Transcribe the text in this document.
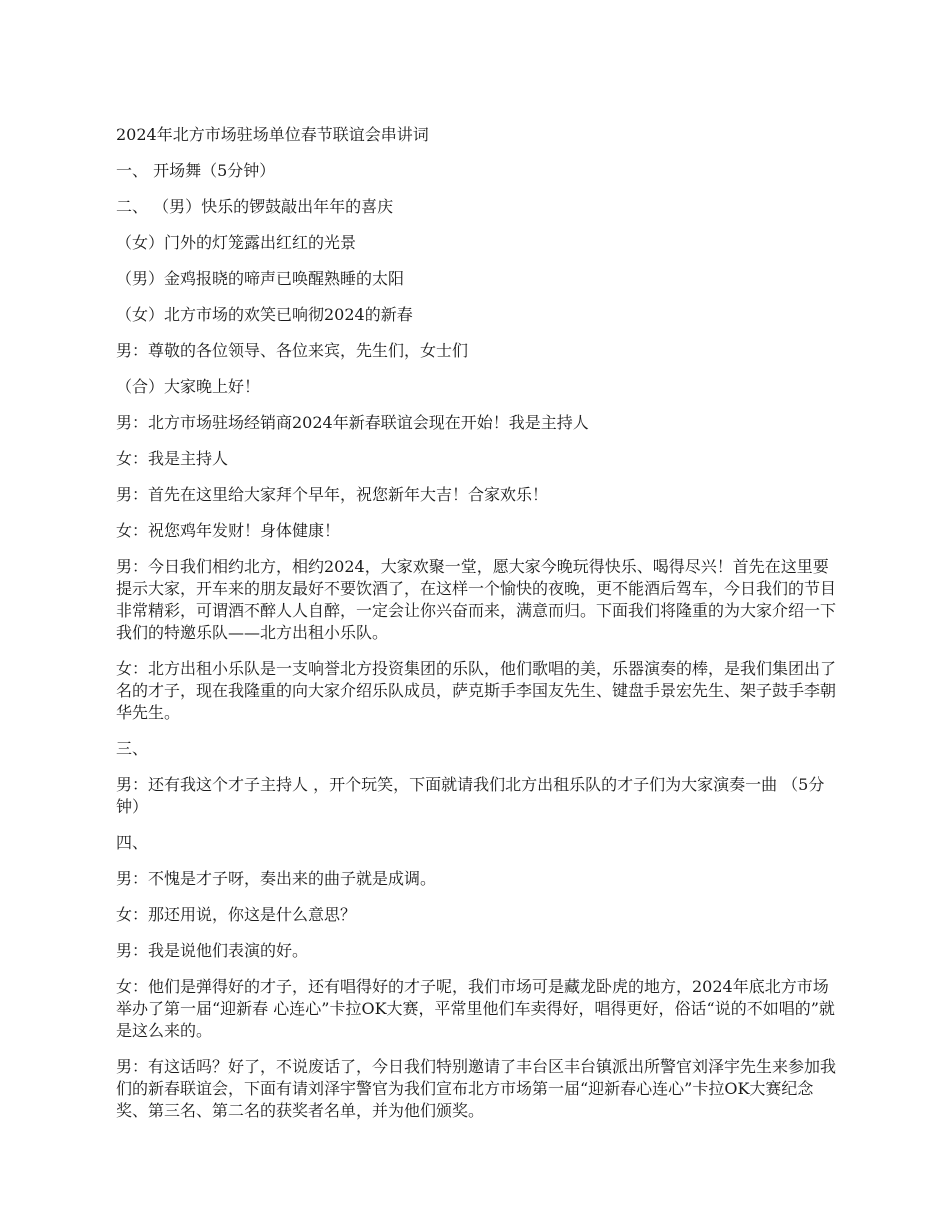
2024年北方市场驻场单位春节联谊会串讲词
一、 开场舞（5分钟）
二、 （男）快乐的锣鼓敲出年年的喜庆
（女）门外的灯笼露出红红的光景
（男）金鸡报晓的啼声已唤醒熟睡的太阳
（女）北方市场的欢笑已响彻2024的新春
男：尊敬的各位领导、各位来宾，先生们，女士们
（合）大家晚上好！
男：北方市场驻场经销商2024年新春联谊会现在开始！我是主持人
女：我是主持人
男：首先在这里给大家拜个早年，祝您新年大吉！合家欢乐！
女：祝您鸡年发财！身体健康！
男：今日我们相约北方，相约2024，大家欢聚一堂，愿大家今晚玩得快乐、喝得尽兴！首先在这里要提示大家，开车来的朋友最好不要饮酒了，在这样一个愉快的夜晚，更不能酒后驾车，今日我们的节目非常精彩，可谓酒不醉人人自醉，一定会让你兴奋而来，满意而归。下面我们将隆重的为大家介绍一下我们的特邀乐队——北方出租小乐队。
女：北方出租小乐队是一支响誉北方投资集团的乐队，他们歌唱的美，乐器演奏的棒，是我们集团出了名的才子，现在我隆重的向大家介绍乐队成员，萨克斯手李国友先生、键盘手景宏先生、架子鼓手李朝华先生。
三、
男：还有我这个才子主持人 ，开个玩笑，下面就请我们北方出租乐队的才子们为大家演奏一曲 （5分钟）
四、
男：不愧是才子呀，奏出来的曲子就是成调。
女：那还用说，你这是什么意思？
男：我是说他们表演的好。
女：他们是弹得好的才子，还有唱得好的才子呢，我们市场可是藏龙卧虎的地方，2024年底北方市场举办了第一届“迎新春 心连心”卡拉OK大赛，平常里他们车卖得好，唱得更好，俗话“说的不如唱的”就是这么来的。
男：有这话吗？好了，不说废话了，今日我们特别邀请了丰台区丰台镇派出所警官刘泽宇先生来参加我们的新春联谊会，下面有请刘泽宇警官为我们宣布北方市场第一届“迎新春心连心”卡拉OK大赛纪念奖、第三名、第二名的获奖者名单，并为他们颁奖。
